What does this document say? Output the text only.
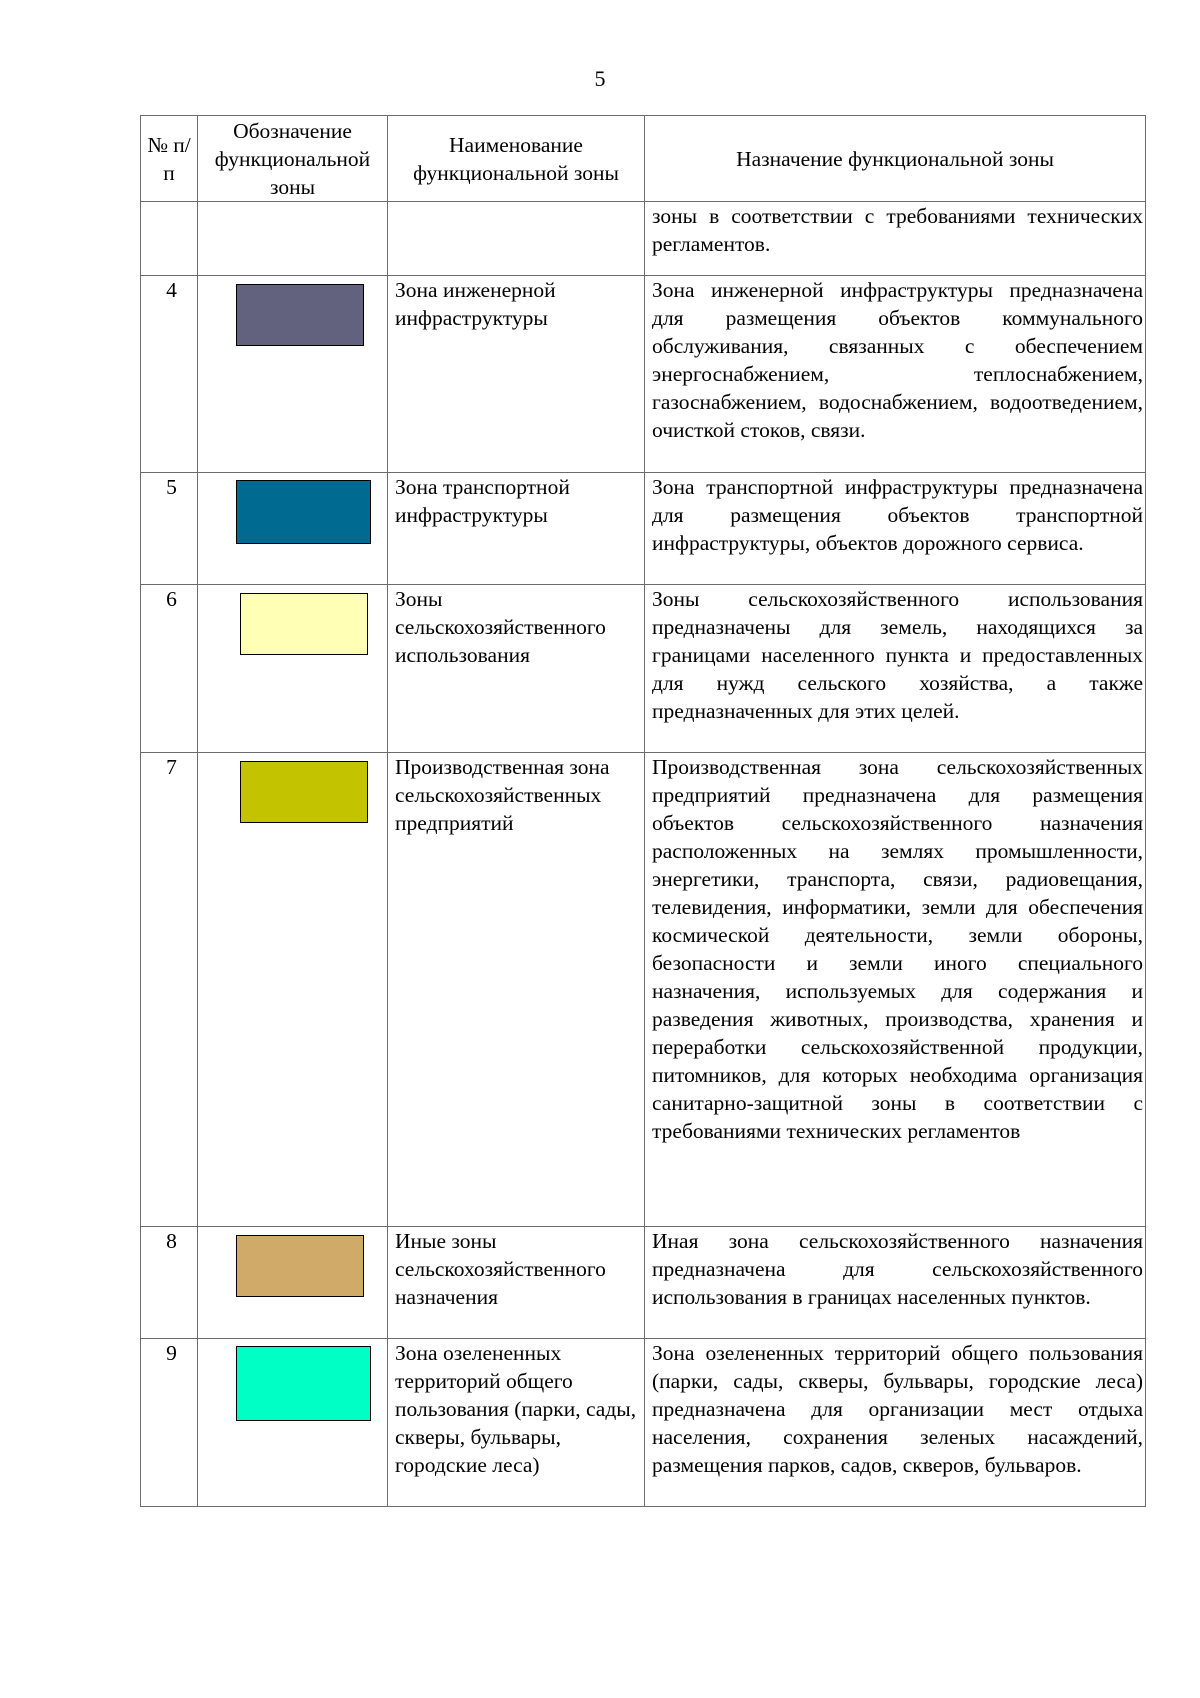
5
№ п/п	Обозначение функциональной зоны	Наименование функциональной зоны	Назначение функциональной зоны

			зоны в соответствии с требованиями технических регламентов.

4		Зона инженерной инфраструктуры	Зона инженерной инфраструктуры предназначена для размещения объектов коммунального обслуживания, связанных с обеспечением энергоснабжением, теплоснабжением, газоснабжением, водоснабжением, водоотведением, очисткой стоков, связи.

5		Зона транспортной инфраструктуры	Зона транспортной инфраструктуры предназначена для размещения объектов транспортной инфраструктуры, объектов дорожного сервиса.

6		Зоны сельскохозяйственного использования	Зоны сельскохозяйственного использования предназначены для земель, находящихся за границами населенного пункта и предоставленных для нужд сельского хозяйства, а также предназначенных для этих целей.

7		Производственная зона сельскохозяйственных предприятий	Производственная зона сельскохозяйственных предприятий предназначена для размещения объектов сельскохозяйственного назначения расположенных на землях промышленности, энергетики, транспорта, связи, радиовещания, телевидения, информатики, земли для обеспечения космической деятельности, земли обороны, безопасности и земли иного специального назначения, используемых для содержания и разведения животных, производства, хранения и переработки сельскохозяйственной продукции, питомников, для которых необходима организация санитарно-защитной зоны в соответствии с требованиями технических регламентов

8		Иные зоны сельскохозяйственного назначения	Иная зона сельскохозяйственного назначения предназначена для сельскохозяйственного использования в границах населенных пунктов.

9		Зона озелененных территорий общего пользования (парки, сады, скверы, бульвары, городские леса)	Зона озелененных территорий общего пользования (парки, сады, скверы, бульвары, городские леса) предназначена для организации мест отдыха населения, сохранения зеленых насаждений, размещения парков, садов, скверов, бульваров.
